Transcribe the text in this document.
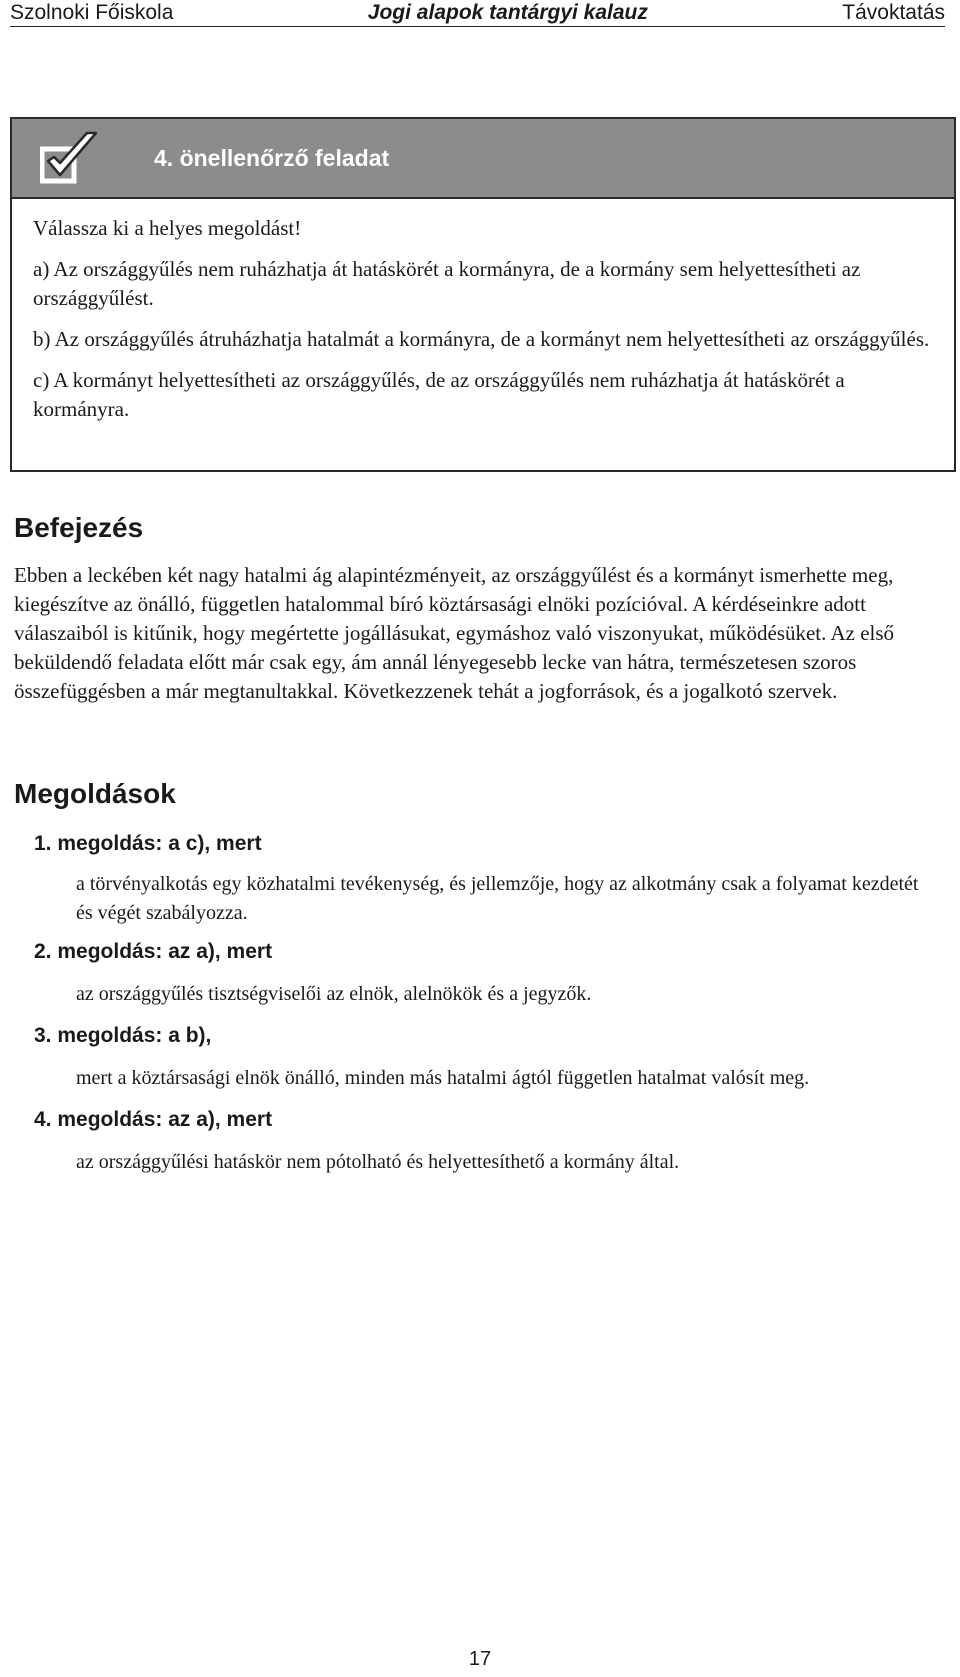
Szolnoki Főiskola	Jogi alapok tantárgyi kalauz	Távoktatás
4. önellenőrző feladat

Válassza ki a helyes megoldást!

a) Az országgyűlés nem ruházhatja át hatáskörét a kormányra, de a kormány sem helyettesítheti az országgyűlést.

b) Az országgyűlés átruházhatja hatalmát a kormányra, de a kormányt nem helyettesítheti az országgyűlés.

c) A kormányt helyettesítheti az országgyűlés, de az országgyűlés nem ruházhatja át hatáskörét a kormányra.

Befejezés

Ebben a leckében két nagy hatalmi ág alapintézményeit, az országgyűlést és a kormányt ismerhette meg, kiegészítve az önálló, független hatalommal bíró köztársasági elnöki pozícióval. A kérdéseinkre adott válaszaiból is kitűnik, hogy megértette jogállásukat, egymáshoz való viszonyukat, működésüket. Az első beküldendő feladata előtt már csak egy, ám annál lényegesebb lecke van hátra, természetesen szoros összefüggésben a már megtanultakkal. Következzenek tehát a jogforrások, és a jogalkotó szervek.

Megoldások

1. megoldás: a c), mert

a törvényalkotás egy közhatalmi tevékenység, és jellemzője, hogy az alkotmány csak a folyamat kezdetét és végét szabályozza.

2. megoldás: az a), mert

az országgyűlés tisztségviselői az elnök, alelnökök és a jegyzők.

3. megoldás: a b),

mert a köztársasági elnök önálló, minden más hatalmi ágtól független hatalmat valósít meg.

4. megoldás: az a), mert

az országgyűlési hatáskör nem pótolható és helyettesíthető a kormány által.

17
